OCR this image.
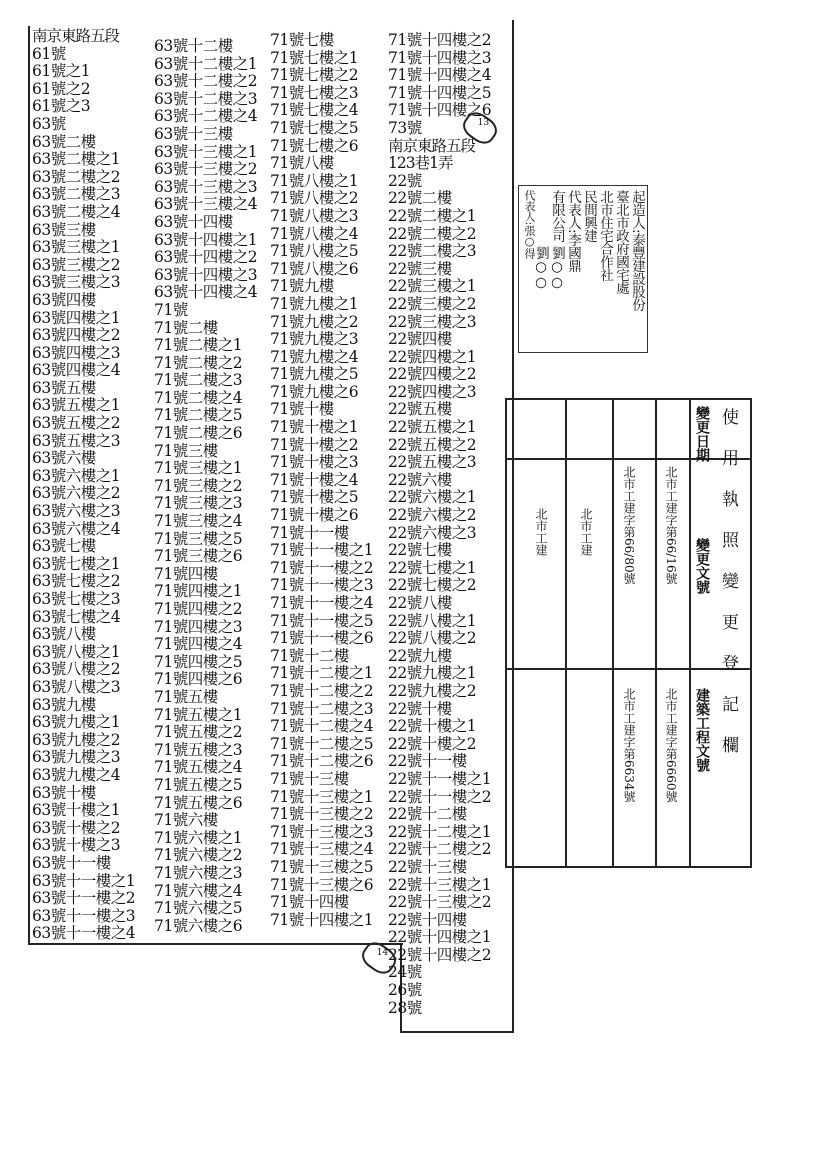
南京東路五段
61號
61號之1
61號之2
61號之3
63號
63號二樓
63號二樓之1
63號二樓之2
63號二樓之3
63號二樓之4
63號三樓
63號三樓之1
63號三樓之2
63號三樓之3
63號四樓
63號四樓之1
63號四樓之2
63號四樓之3
63號四樓之4
63號五樓
63號五樓之1
63號五樓之2
63號五樓之3
63號六樓
63號六樓之1
63號六樓之2
63號六樓之3
63號六樓之4
63號七樓
63號七樓之1
63號七樓之2
63號七樓之3
63號七樓之4
63號八樓
63號八樓之1
63號八樓之2
63號八樓之3
63號九樓
63號九樓之1
63號九樓之2
63號九樓之3
63號九樓之4
63號十樓
63號十樓之1
63號十樓之2
63號十樓之3
63號十一樓
63號十一樓之1
63號十一樓之2
63號十一樓之3
63號十一樓之4
63號十二樓
63號十二樓之1
63號十二樓之2
63號十二樓之3
63號十二樓之4
63號十三樓
63號十三樓之1
63號十三樓之2
63號十三樓之3
63號十三樓之4
63號十四樓
63號十四樓之1
63號十四樓之2
63號十四樓之3
63號十四樓之4
71號
71號二樓
71號二樓之1
71號二樓之2
71號二樓之3
71號二樓之4
71號二樓之5
71號二樓之6
71號三樓
71號三樓之1
71號三樓之2
71號三樓之3
71號三樓之4
71號三樓之5
71號三樓之6
71號四樓
71號四樓之1
71號四樓之2
71號四樓之3
71號四樓之4
71號四樓之5
71號四樓之6
71號五樓
71號五樓之1
71號五樓之2
71號五樓之3
71號五樓之4
71號五樓之5
71號五樓之6
71號六樓
71號六樓之1
71號六樓之2
71號六樓之3
71號六樓之4
71號六樓之5
71號六樓之6
71號七樓
71號七樓之1
71號七樓之2
71號七樓之3
71號七樓之4
71號七樓之5
71號七樓之6
71號八樓
71號八樓之1
71號八樓之2
71號八樓之3
71號八樓之4
71號八樓之5
71號八樓之6
71號九樓
71號九樓之1
71號九樓之2
71號九樓之3
71號九樓之4
71號九樓之5
71號九樓之6
71號十樓
71號十樓之1
71號十樓之2
71號十樓之3
71號十樓之4
71號十樓之5
71號十樓之6
71號十一樓
71號十一樓之1
71號十一樓之2
71號十一樓之3
71號十一樓之4
71號十一樓之5
71號十一樓之6
71號十二樓
71號十二樓之1
71號十二樓之2
71號十二樓之3
71號十二樓之4
71號十二樓之5
71號十二樓之6
71號十三樓
71號十三樓之1
71號十三樓之2
71號十三樓之3
71號十三樓之4
71號十三樓之5
71號十三樓之6
71號十四樓
71號十四樓之1
71號十四樓之2
71號十四樓之3
71號十四樓之4
71號十四樓之5
71號十四樓之6
73號
南京東路五段
123巷1弄
22號
22號二樓
22號二樓之1
22號二樓之2
22號二樓之3
22號三樓
22號三樓之1
22號三樓之2
22號三樓之3
22號四樓
22號四樓之1
22號四樓之2
22號四樓之3
22號五樓
22號五樓之1
22號五樓之2
22號五樓之3
22號六樓
22號六樓之1
22號六樓之2
22號六樓之3
22號七樓
22號七樓之1
22號七樓之2
22號八樓
22號八樓之1
22號八樓之2
22號九樓
22號九樓之1
22號九樓之2
22號十樓
22號十樓之1
22號十樓之2
22號十一樓
22號十一樓之1
22號十一樓之2
22號十二樓
22號十二樓之1
22號十二樓之2
22號十三樓
22號十三樓之1
22號十三樓之2
22號十四樓
22號十四樓之1
22號十四樓之2
24號
26號
28號
13
14
起造人:泰豐建設股份
臺北市政府國宅處
北市住宅合作社
民間興建
代表人:李國鼎
劉○○
劉○○
有限公司
代表人:張○得
使用執照變更登記欄
變更日期
變更文號
建築工程文號
北市工建字第66/16號
北市工建字第66/80號
北市工建字第6660號
北市工建字第6634號
北市工建
北市工建
